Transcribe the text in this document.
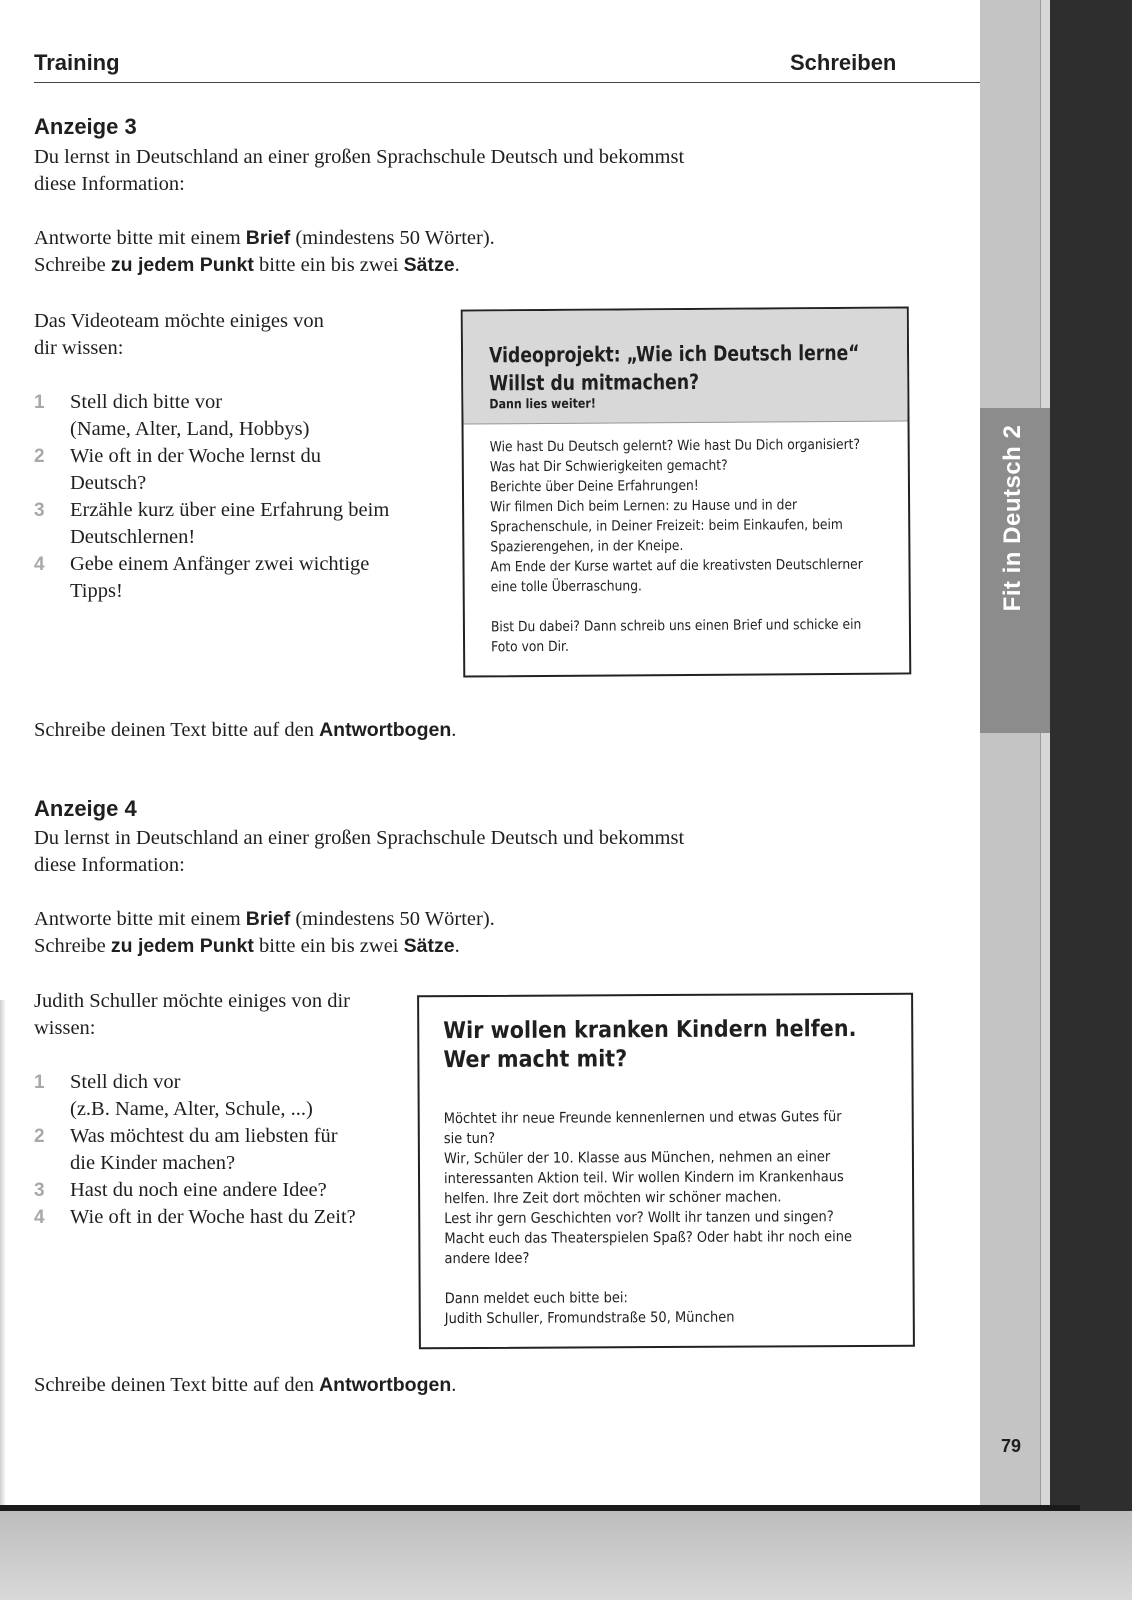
Fit in Deutsch 2
79
Training	Schreiben
Anzeige 3
Du lernst in Deutschland an einer großen Sprachschule Deutsch und bekommst
diese Information:
Antworte bitte mit einem Brief (mindestens 50 Wörter).
Schreibe zu jedem Punkt bitte ein bis zwei Sätze.
Das Videoteam möchte einiges von
dir wissen:
1 Stell dich bitte vor
(Name, Alter, Land, Hobbys)
2 Wie oft in der Woche lernst du
Deutsch?
3 Erzähle kurz über eine Erfahrung beim
Deutschlernen!
4 Gebe einem Anfänger zwei wichtige
Tipps!
Videoprojekt: „Wie ich Deutsch lerne“
Willst du mitmachen?
Dann lies weiter!

Wie hast Du Deutsch gelernt? Wie hast Du Dich organisiert?

Was hat Dir Schwierigkeiten gemacht?

Berichte über Deine Erfahrungen!

Wir filmen Dich beim Lernen: zu Hause und in der

Sprachenschule, in Deiner Freizeit: beim Einkaufen, beim

Spazierengehen, in der Kneipe.

Am Ende der Kurse wartet auf die kreativsten Deutschlerner

eine tolle Überraschung.

Bist Du dabei? Dann schreib uns einen Brief und schicke ein

Foto von Dir.

Schreibe deinen Text bitte auf den Antwortbogen.
Anzeige 4
Du lernst in Deutschland an einer großen Sprachschule Deutsch und bekommst
diese Information:
Antworte bitte mit einem Brief (mindestens 50 Wörter).
Schreibe zu jedem Punkt bitte ein bis zwei Sätze.
Judith Schuller möchte einiges von dir
wissen:
1 Stell dich vor
(z.B. Name, Alter, Schule, ...)
2 Was möchtest du am liebsten für
die Kinder machen?
3 Hast du noch eine andere Idee?
4 Wie oft in der Woche hast du Zeit?
Wir wollen kranken Kindern helfen.
Wer macht mit?

Möchtet ihr neue Freunde kennenlernen und etwas Gutes für

sie tun?

Wir, Schüler der 10. Klasse aus München, nehmen an einer

interessanten Aktion teil. Wir wollen Kindern im Krankenhaus

helfen. Ihre Zeit dort möchten wir schöner machen.

Lest ihr gern Geschichten vor? Wollt ihr tanzen und singen?

Macht euch das Theaterspielen Spaß? Oder habt ihr noch eine

andere Idee?

Dann meldet euch bitte bei:

Judith Schuller, Fromundstraße 50, München

Schreibe deinen Text bitte auf den Antwortbogen.
